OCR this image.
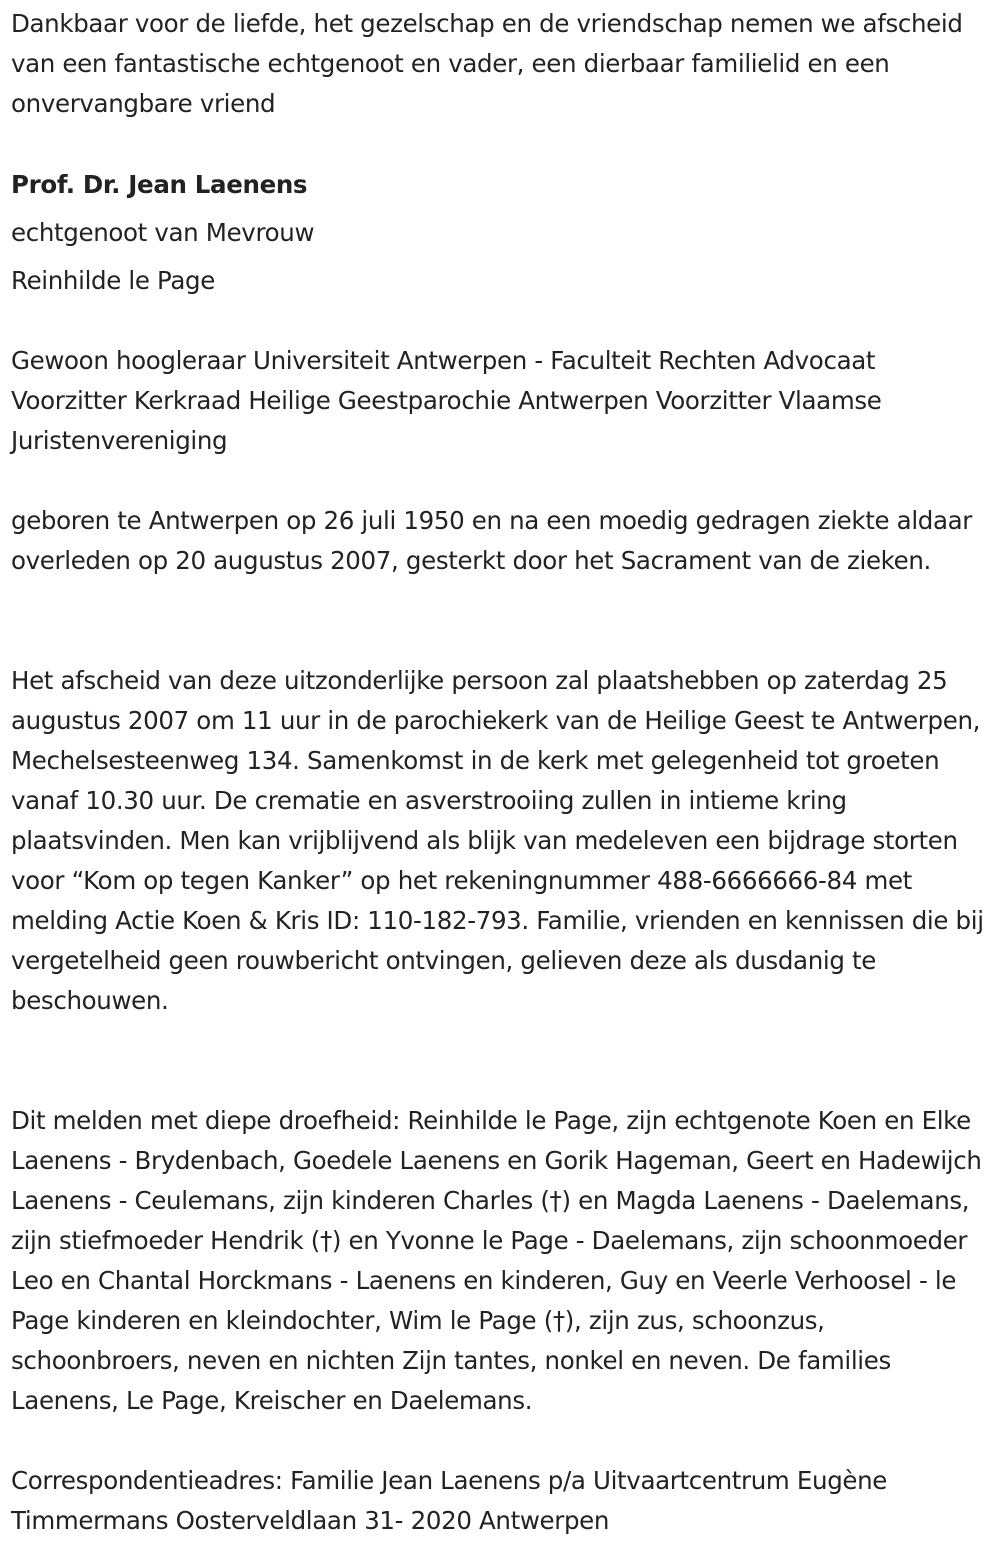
Dankbaar voor de liefde, het gezelschap en de vriendschap nemen we afscheid van een fantastische echtgenoot en vader, een dierbaar familielid en een onvervangbare vriend

Prof. Dr. Jean Laenens

echtgenoot van Mevrouw

Reinhilde le Page

Gewoon hoogleraar Universiteit Antwerpen - Faculteit Rechten Advocaat Voorzitter Kerkraad Heilige Geestparochie Antwerpen Voorzitter Vlaamse Juristenvereniging

geboren te Antwerpen op 26 juli 1950 en na een moedig gedragen ziekte aldaar overleden op 20 augustus 2007, gesterkt door het Sacrament van de zieken.

Het afscheid van deze uitzonderlijke persoon zal plaatshebben op zaterdag 25 augustus 2007 om 11 uur in de parochiekerk van de Heilige Geest te Antwerpen, Mechelsesteenweg 134. Samenkomst in de kerk met gelegenheid tot groeten vanaf 10.30 uur. De crematie en asverstrooiing zullen in intieme kring plaatsvinden. Men kan vrijblijvend als blijk van medeleven een bijdrage storten voor “Kom op tegen Kanker” op het rekeningnummer 488-6666666-84 met melding Actie Koen & Kris ID: 110-182-793. Familie, vrienden en kennissen die bij vergetelheid geen rouwbericht ontvingen, gelieven deze als dusdanig te beschouwen.

Dit melden met diepe droefheid: Reinhilde le Page, zijn echtgenote Koen en Elke Laenens - Brydenbach, Goedele Laenens en Gorik Hageman, Geert en Hadewijch Laenens - Ceulemans, zijn kinderen Charles (†) en Magda Laenens - Daelemans, zijn stiefmoeder Hendrik (†) en Yvonne le Page - Daelemans, zijn schoonmoeder Leo en Chantal Horckmans - Laenens en kinderen, Guy en Veerle Verhoosel - le Page kinderen en kleindochter, Wim le Page (†), zijn zus, schoonzus, schoonbroers, neven en nichten Zijn tantes, nonkel en neven. De families Laenens, Le Page, Kreischer en Daelemans.

Correspondentieadres: Familie Jean Laenens p/a Uitvaartcentrum Eugène Timmermans Oosterveldlaan 31- 2020 Antwerpen
